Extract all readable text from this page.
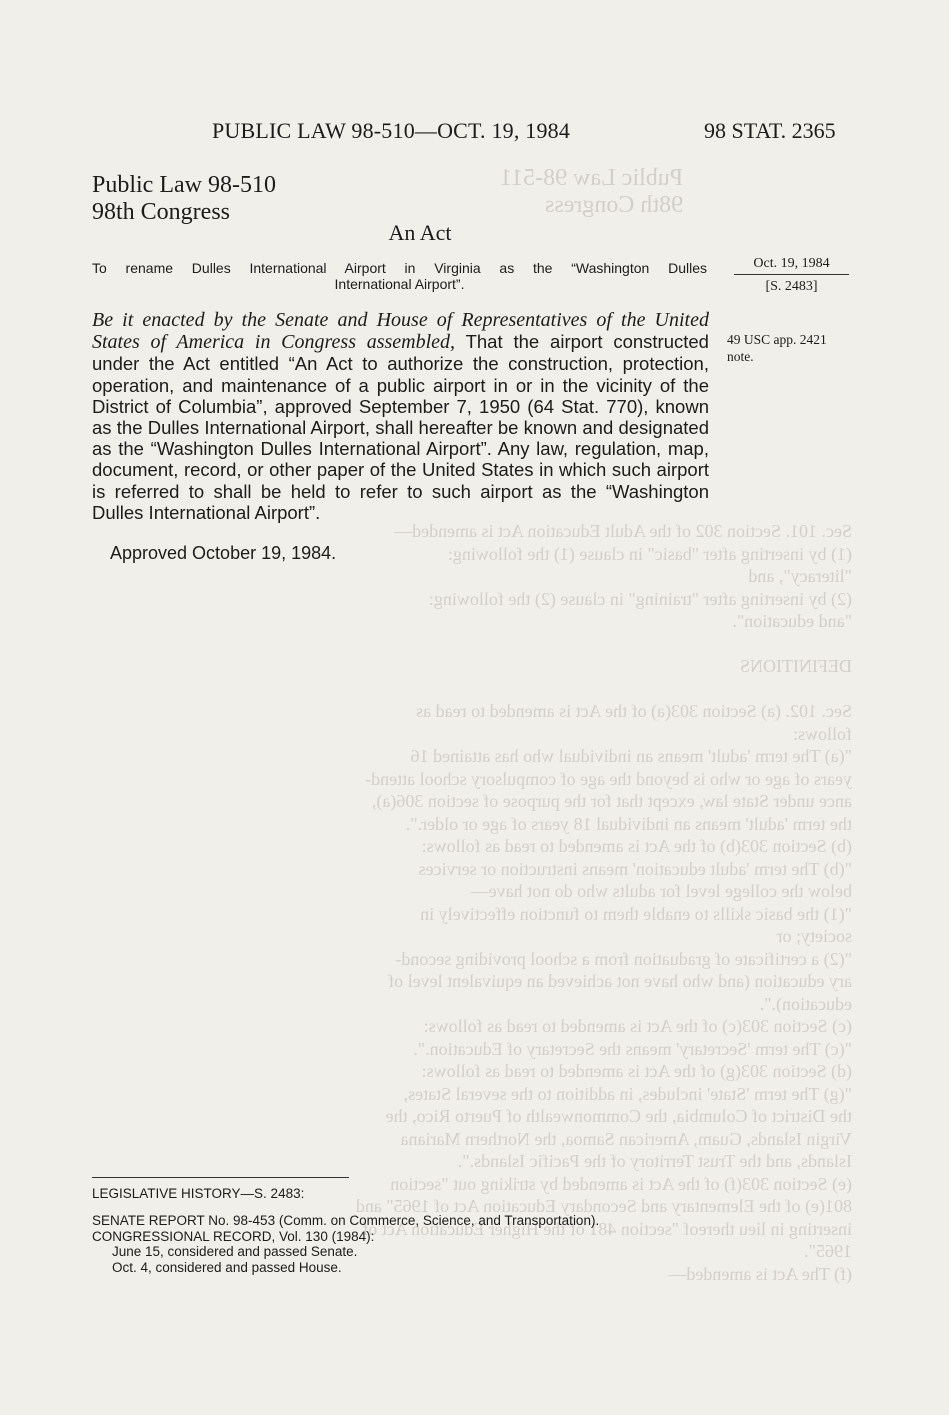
Sec. 101. Section 302 of the Adult Education Act is amended—
(1) by inserting after "basic" in clause (1) the following:
"literacy", and
(2) by inserting after "training" in clause (2) the following:
"and education".

DEFINITIONS

Sec. 102. (a) Section 303(a) of the Act is amended to read as
follows:
"(a) The term 'adult' means an individual who has attained 16
years of age or who is beyond the age of compulsory school attend-
ance under State law, except that for the purpose of section 306(a),
the term 'adult' means an individual 18 years of age or older.".
(b) Section 303(b) of the Act is amended to read as follows:
"(b) The term 'adult education' means instruction or services
below the college level for adults who do not have—
"(1) the basic skills to enable them to function effectively in
society; or
"(2) a certificate of graduation from a school providing second-
ary education (and who have not achieved an equivalent level of
education).".
(c) Section 303(c) of the Act is amended to read as follows:
"(c) The term 'Secretary' means the Secretary of Education.".
(d) Section 303(g) of the Act is amended to read as follows:
"(g) The term 'State' includes, in addition to the several States,
the District of Columbia, the Commonwealth of Puerto Rico, the
Virgin Islands, Guam, American Samoa, the Northern Mariana
Islands, and the Trust Territory of the Pacific Islands.".
(e) Section 303(f) of the Act is amended by striking out "section
801(e) of the Elementary and Secondary Education Act of 1965" and
inserting in lieu thereof "section 481 of the Higher Education Act of
1965".
(f) The Act is amended—
Public Law 98-511
98th Congress
PUBLIC LAW 98-510—OCT. 19, 1984	98 STAT. 2365
Public Law 98-510
98th Congress
An Act
To rename Dulles International Airport in Virginia as the “Washington Dulles
International Airport”.
Oct. 19, 1984
[S. 2483]
49 USC app. 2421
note.
Be it enacted by the Senate and House of Representatives of the United States of America in Congress assembled, That the airport constructed under the Act entitled “An Act to authorize the construction, protection, operation, and maintenance of a public airport in or in the vicinity of the District of Columbia”, approved September 7, 1950 (64 Stat. 770), known as the Dulles International Airport, shall hereafter be known and designated as the “Washington Dulles International Airport”. Any law, regulation, map, document, record, or other paper of the United States in which such airport is referred to shall be held to refer to such airport as the “Washington Dulles International Airport”.
Approved October 19, 1984.
LEGISLATIVE HISTORY—S. 2483:
SENATE REPORT No. 98-453 (Comm. on Commerce, Science, and Transportation).
CONGRESSIONAL RECORD, Vol. 130 (1984):
June 15, considered and passed Senate.
Oct. 4, considered and passed House.
